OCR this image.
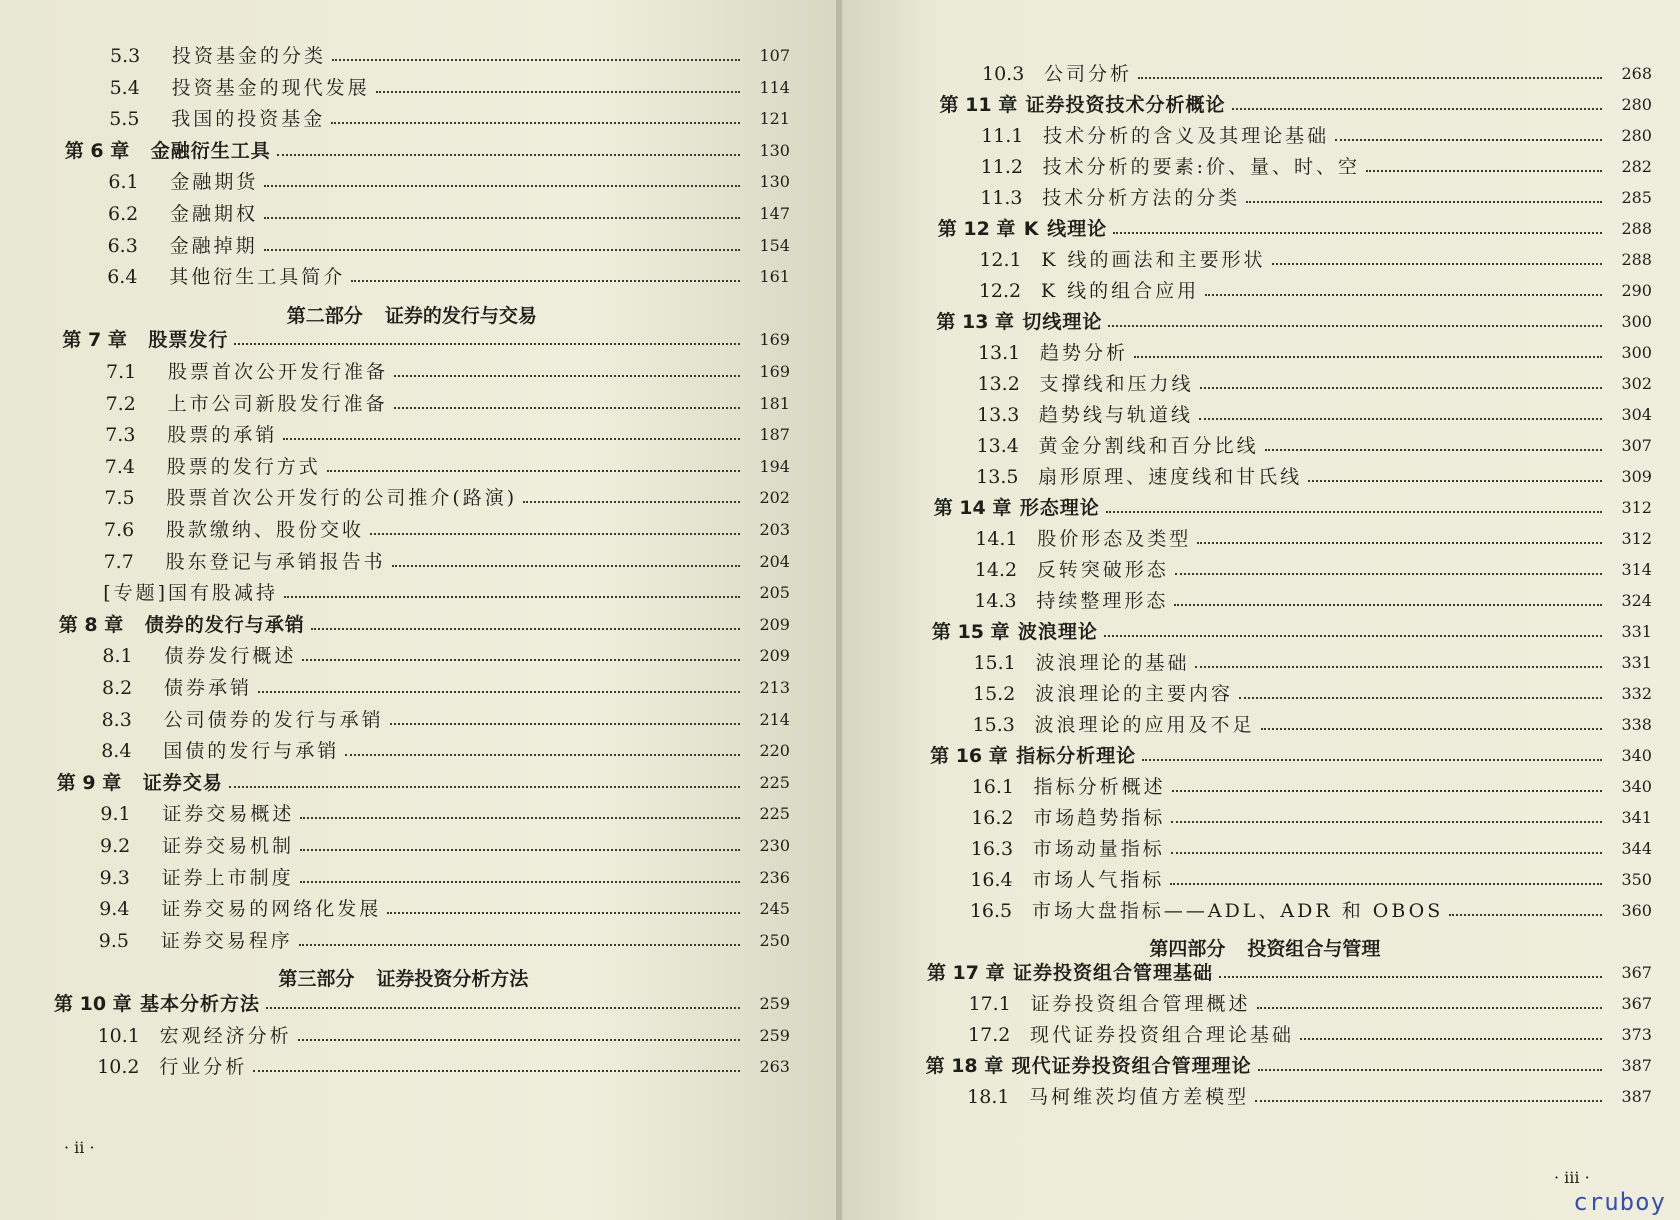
5.3	投资基金的分类	107
5.4	投资基金的现代发展	114
5.5	我国的投资基金	121
第 6 章	金融衍生工具	130
6.1	金融期货	130
6.2	金融期权	147
6.3	金融掉期	154
6.4	其他衍生工具简介	161
第二部分 证券的发行与交易
第 7 章	股票发行	169
7.1	股票首次公开发行准备	169
7.2	上市公司新股发行准备	181
7.3	股票的承销	187
7.4	股票的发行方式	194
7.5	股票首次公开发行的公司推介(路演)	202
7.6	股款缴纳、股份交收	203
7.7	股东登记与承销报告书	204
[专题]国有股减持	205
第 8 章	债券的发行与承销	209
8.1	债券发行概述	209
8.2	债券承销	213
8.3	公司债券的发行与承销	214
8.4	国债的发行与承销	220
第 9 章	证券交易	225
9.1	证券交易概述	225
9.2	证券交易机制	230
9.3	证券上市制度	236
9.4	证券交易的网络化发展	245
9.5	证券交易程序	250
第三部分 证券投资分析方法
第 10 章 基本分析方法	259
10.1	宏观经济分析	259
10.2	行业分析	263
· ii ·
10.3	公司分析	268
第 11 章 证券投资技术分析概论	280
11.1	技术分析的含义及其理论基础	280
11.2	技术分析的要素:价、量、时、空	282
11.3	技术分析方法的分类	285
第 12 章 K 线理论	288
12.1	K 线的画法和主要形状	288
12.2	K 线的组合应用	290
第 13 章 切线理论	300
13.1	趋势分析	300
13.2	支撑线和压力线	302
13.3	趋势线与轨道线	304
13.4	黄金分割线和百分比线	307
13.5	扇形原理、速度线和甘氏线	309
第 14 章 形态理论	312
14.1	股价形态及类型	312
14.2	反转突破形态	314
14.3	持续整理形态	324
第 15 章 波浪理论	331
15.1	波浪理论的基础	331
15.2	波浪理论的主要内容	332
15.3	波浪理论的应用及不足	338
第 16 章 指标分析理论	340
16.1	指标分析概述	340
16.2	市场趋势指标	341
16.3	市场动量指标	344
16.4	市场人气指标	350
16.5	市场大盘指标——ADL、ADR 和 OBOS	360
第四部分 投资组合与管理
第 17 章 证券投资组合管理基础	367
17.1	证券投资组合管理概述	367
17.2	现代证券投资组合理论基础	373
第 18 章 现代证券投资组合管理理论	387
18.1	马柯维茨均值方差模型	387
· iii ·
cruboy
